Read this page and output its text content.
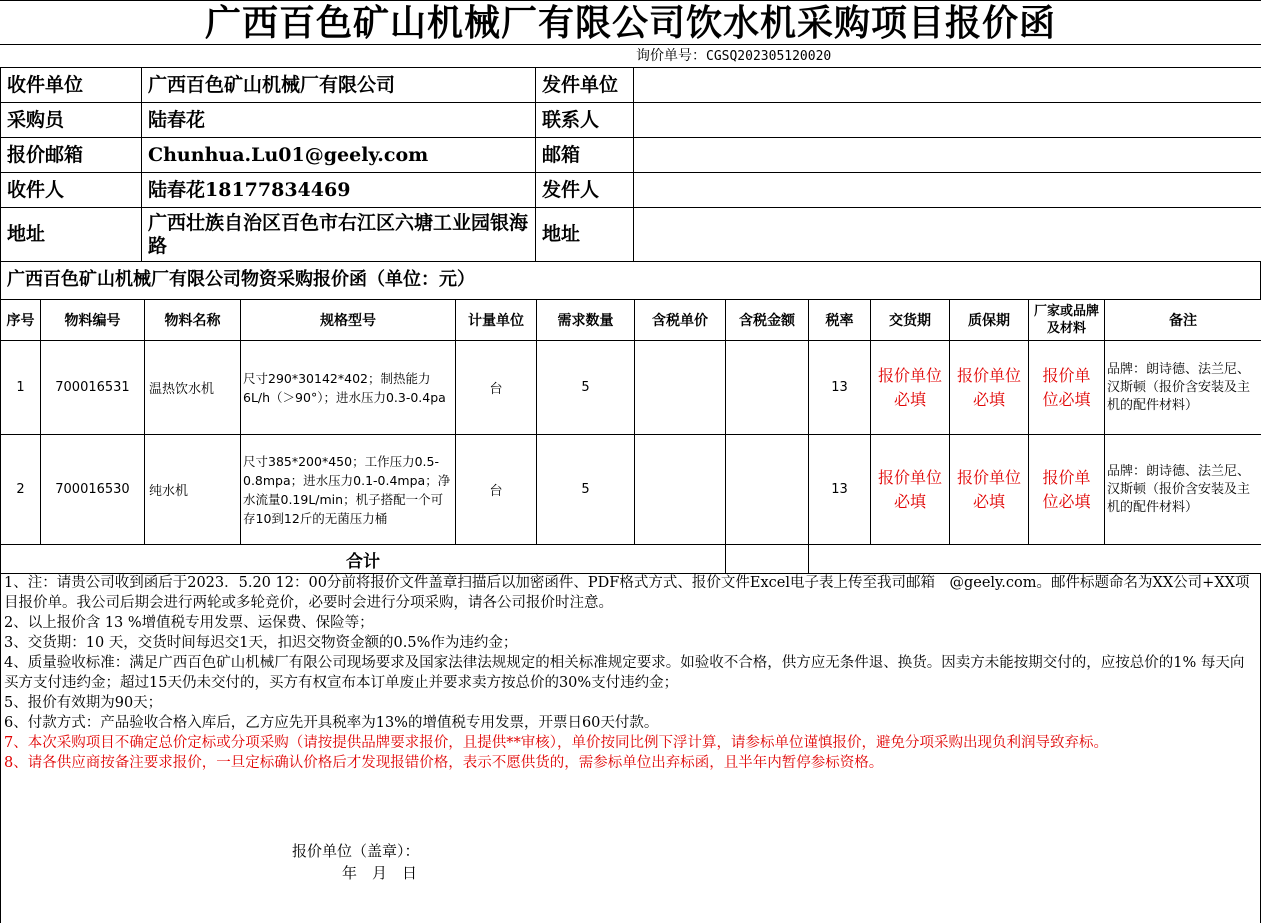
广西百色矿山机械厂有限公司饮水机采购项目报价函
询价单号：CGSQ202305120020
收件单位	广西百色矿山机械厂有限公司	发件单位	
采购员	陆春花	联系人	
报价邮箱	Chunhua.Lu01@geely.com	邮箱	
收件人	陆春花18177834469	发件人	
地址	广西壮族自治区百色市右江区六塘工业园银海路	地址	
广西百色矿山机械厂有限公司物资采购报价函（单位：元）
序号	物料编号	物料名称	规格型号	计量单位	需求数量	含税单价	含税金额	税率	交货期	质保期	厂家或品牌及材料	备注
1	700016531	温热饮水机	尺寸290*30142*402；制热能力6L/h（＞90°）；进水压力0.3-0.4pa	台	5			13	报价单位必填	报价单位必填	报价单位必填	品牌：朗诗德、法兰尼、汉斯顿（报价含安装及主机的配件材料）
2	700016530	纯水机	尺寸385*200*450；工作压力0.5-0.8mpa；进水压力0.1-0.4mpa；净水流量0.19L/min；机子搭配一个可存10到12斤的无菌压力桶	台	5			13	报价单位必填	报价单位必填	报价单位必填	品牌：朗诗德、法兰尼、汉斯顿（报价含安装及主机的配件材料）
合计												

1、注：请贵公司收到函后于2023．5.20 12：00分前将报价文件盖章扫描后以加密函件、PDF格式方式、报价文件Excel电子表上传至我司邮箱　@geely.com。邮件标题命名为XX公司+XX项目报价单。我公司后期会进行两轮或多轮竞价，必要时会进行分项采购，请各公司报价时注意。

2、以上报价含 13 %增值税专用发票、运保费、保险等；

3、交货期：10 天，交货时间每迟交1天，扣迟交物资金额的0.5%作为违约金；

4、质量验收标准：满足广西百色矿山机械厂有限公司现场要求及国家法律法规规定的相关标准规定要求。如验收不合格，供方应无条件退、换货。因卖方未能按期交付的，应按总价的1% 每天向买方支付违约金；超过15天仍未交付的，买方有权宣布本订单废止并要求卖方按总价的30%支付违约金；

5、报价有效期为90天；

6、付款方式：产品验收合格入库后，乙方应先开具税率为13%的增值税专用发票，开票日60天付款。

7、本次采购项目不确定总价定标或分项采购（请按提供品牌要求报价，且提供**审核），单价按同比例下浮计算，请参标单位谨慎报价，避免分项采购出现负利润导致弃标。

8、请各供应商按备注要求报价，一旦定标确认价格后才发现报错价格，表示不愿供货的，需参标单位出弃标函，且半年内暂停参标资格。

报价单位（盖章）：
年　月　日
